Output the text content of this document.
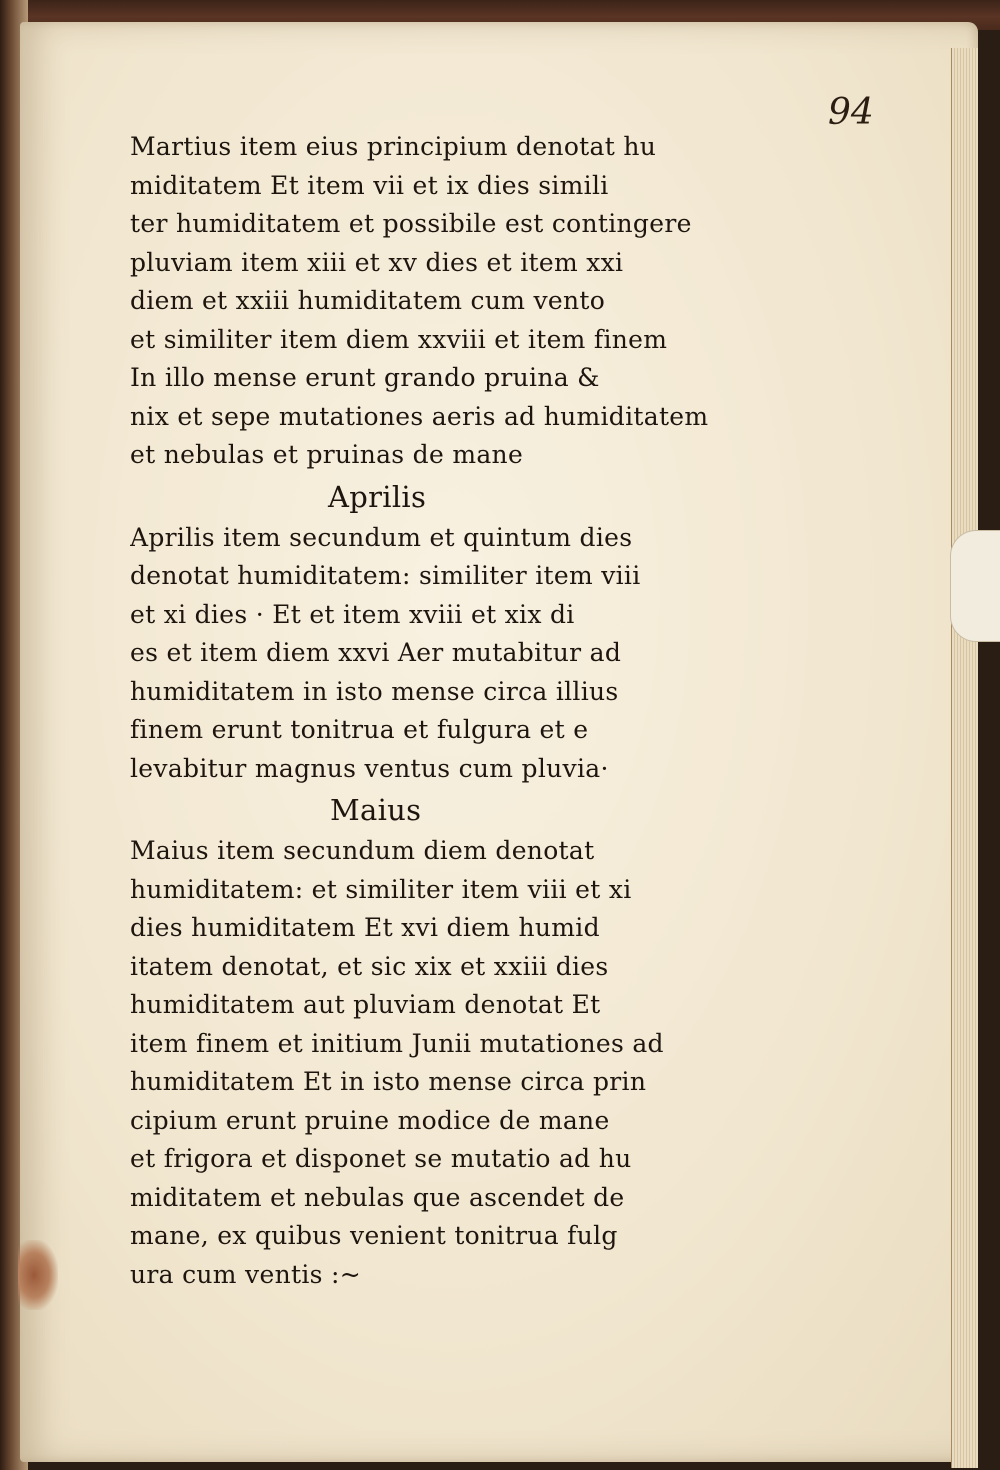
94
Martius item eius principium denotat hu
miditatem Et item vii et ix dies simili
ter humiditatem et possibile est contingere
pluviam item xiii et xv dies et item xxi
diem et xxiii humiditatem cum vento
et similiter item diem xxviii et item finem
In illo mense erunt grando pruina &
nix et sepe mutationes aeris ad humiditatem
et nebulas et pruinas de mane
Aprilis
Aprilis item secundum et quintum dies
denotat humiditatem: similiter item viii
et xi dies · Et et item xviii et xix di
es et item diem xxvi Aer mutabitur ad
humiditatem in isto mense circa illius
finem erunt tonitrua et fulgura et e
levabitur magnus ventus cum pluvia·
Maius
Maius item secundum diem denotat
humiditatem: et similiter item viii et xi
dies humiditatem Et xvi diem humid
itatem denotat, et sic xix et xxiii dies
humiditatem aut pluviam denotat Et
item finem et initium Junii mutationes ad
humiditatem Et in isto mense circa prin
cipium erunt pruine modice de mane
et frigora et disponet se mutatio ad hu
miditatem et nebulas que ascendet de
mane, ex quibus venient tonitrua fulg
ura cum ventis :~
